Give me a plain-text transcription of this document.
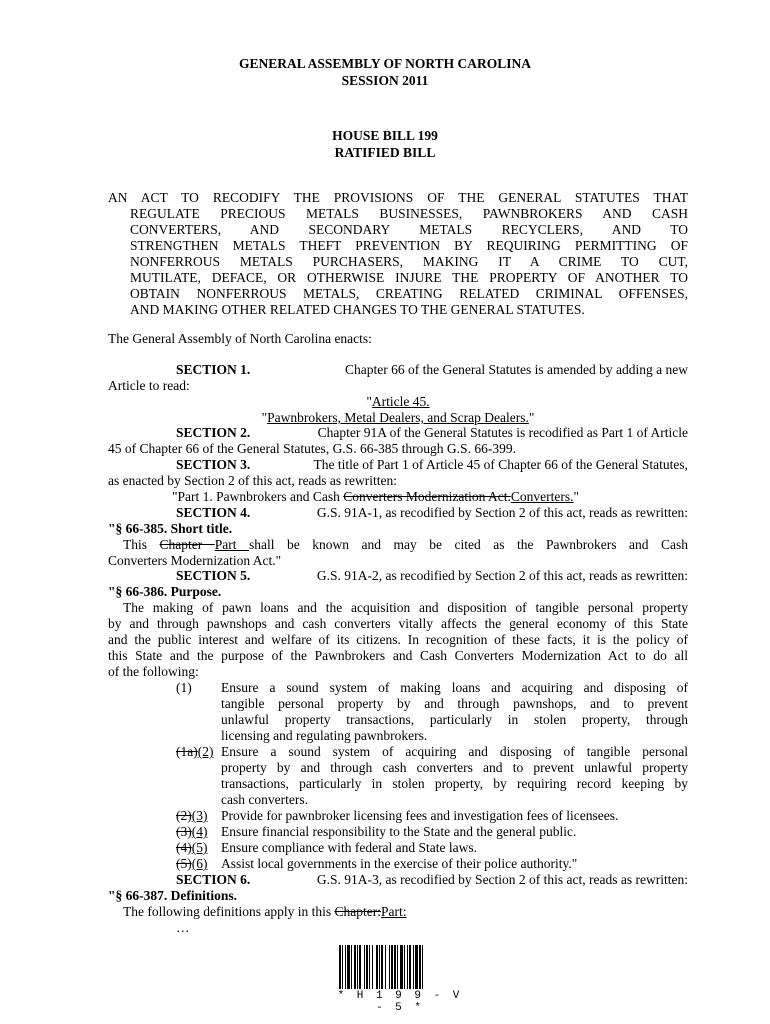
GENERAL ASSEMBLY OF NORTH CAROLINA
SESSION 2011
HOUSE BILL 199
RATIFIED BILL
AN ACT TO RECODIFY THE PROVISIONS OF THE GENERAL STATUTES THAT
REGULATE PRECIOUS METALS BUSINESSES, PAWNBROKERS AND CASH
CONVERTERS, AND SECONDARY METALS RECYCLERS, AND TO
STRENGTHEN METALS THEFT PREVENTION BY REQUIRING PERMITTING OF
NONFERROUS METALS PURCHASERS, MAKING IT A CRIME TO CUT,
MUTILATE, DEFACE, OR OTHERWISE INJURE THE PROPERTY OF ANOTHER TO
OBTAIN NONFERROUS METALS, CREATING RELATED CRIMINAL OFFENSES,
AND MAKING OTHER RELATED CHANGES TO THE GENERAL STATUTES.
The General Assembly of North Carolina enacts:
SECTION 1.	Chapter 66 of the General Statutes is amended by adding a new
Article to read:
"Article 45.
"Pawnbrokers, Metal Dealers, and Scrap Dealers."
SECTION 2.	Chapter 91A of the General Statutes is recodified as Part 1 of Article
45 of Chapter 66 of the General Statutes, G.S. 66-385 through G.S. 66-399.
SECTION 3.	The title of Part 1 of Article 45 of Chapter 66 of the General Statutes,
as enacted by Section 2 of this act, reads as rewritten:
"Part 1. Pawnbrokers and Cash Converters Modernization Act.Converters."
SECTION 4.	G.S. 91A-1, as recodified by Section 2 of this act, reads as rewritten:
"§ 66-385. Short title.
This Chapter Part shall be known and may be cited as the Pawnbrokers and Cash
Converters Modernization Act."
SECTION 5.	G.S. 91A-2, as recodified by Section 2 of this act, reads as rewritten:
"§ 66-386. Purpose.
The making of pawn loans and the acquisition and disposition of tangible personal property
by and through pawnshops and cash converters vitally affects the general economy of this State
and the public interest and welfare of its citizens. In recognition of these facts, it is the policy of
this State and the purpose of the Pawnbrokers and Cash Converters Modernization Act to do all
of the following:
(1) Ensure a sound system of making loans and acquiring and disposing of
tangible personal property by and through pawnshops, and to prevent
unlawful property transactions, particularly in stolen property, through
licensing and regulating pawnbrokers.
(1a)(2) Ensure a sound system of acquiring and disposing of tangible personal
property by and through cash converters and to prevent unlawful property
transactions, particularly in stolen property, by requiring record keeping by
cash converters.
(2)(3) Provide for pawnbroker licensing fees and investigation fees of licensees.
(3)(4) Ensure financial responsibility to the State and the general public.
(4)(5) Ensure compliance with federal and State laws.
(5)(6) Assist local governments in the exercise of their police authority."
SECTION 6.	G.S. 91A-3, as recodified by Section 2 of this act, reads as rewritten:
"§ 66-387. Definitions.
The following definitions apply in this Chapter:Part:
…
* H 1 9 9 - V - 5 *
